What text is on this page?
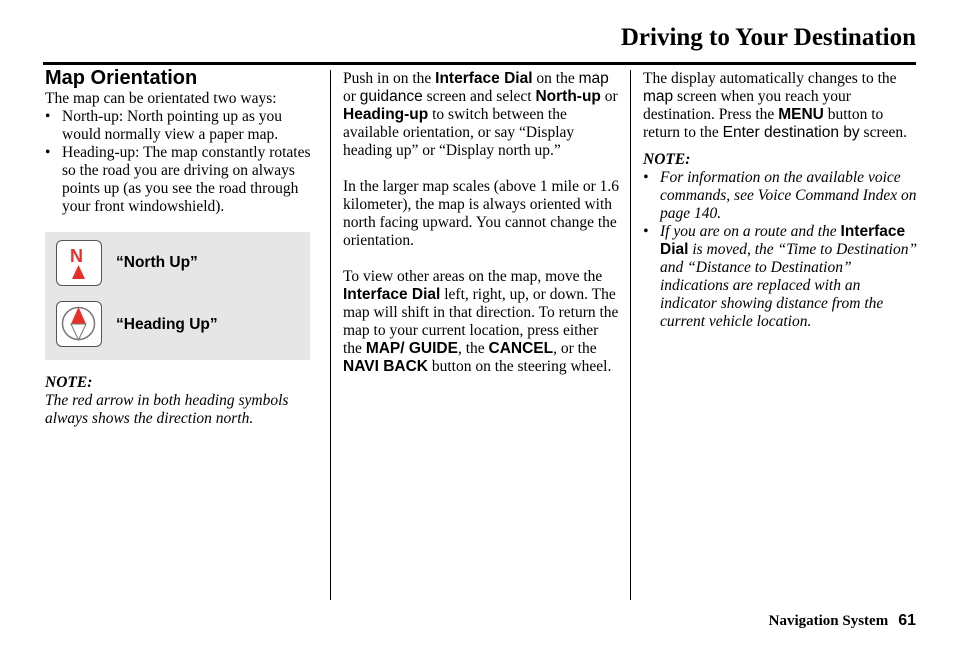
Driving to Your Destination
Map Orientation

The map can be orientated two ways:

• North-up: North pointing up as you would normally view a paper map.
• Heading-up: The map constantly rotates so the road you are driving on always points up (as you see the road through your front windowshield).
N “North Up”
“Heading Up”

NOTE:

The red arrow in both heading symbols always shows the direction north.

Push in on the Interface Dial on the map or guidance screen and select North-up or Heading-up to switch between the available orientation, or say “Display heading up” or “Display north up.”

In the larger map scales (above 1 mile or 1.6 kilometer), the map is always oriented with north facing upward. You cannot change the orientation.

To view other areas on the map, move the Interface Dial left, right, up, or down. The map will shift in that direction. To return the map to your current location, press either the MAP/ GUIDE, the CANCEL, or the NAVI BACK button on the steering wheel.

The display automatically changes to the map screen when you reach your destination. Press the MENU button to return to the Enter destination by screen.

NOTE:

• For information on the available voice commands, see Voice Command Index on page 140.
• If you are on a route and the Interface Dial is moved, the “Time to Destination” and “Distance to Destination” indications are replaced with an indicator showing distance from the current vehicle location.
Navigation System 61
